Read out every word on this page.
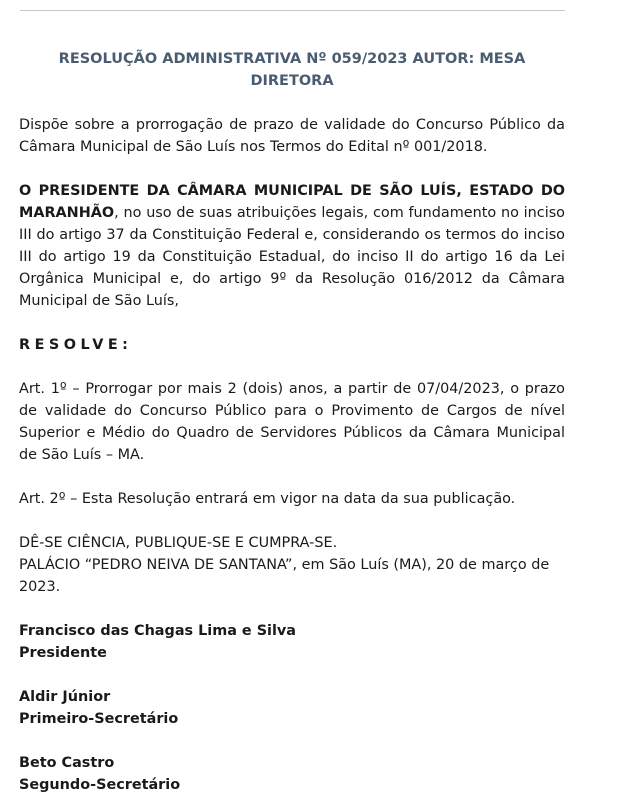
RESOLUÇÃO ADMINISTRATIVA Nº 059/2023 AUTOR: MESA DIRETORA

Dispõe sobre a prorrogação de prazo de validade do Concurso Público da Câmara Municipal de São Luís nos Termos do Edital nº 001/2018.

O PRESIDENTE DA CÂMARA MUNICIPAL DE SÃO LUÍS, ESTADO DO MARANHÃO, no uso de suas atribuições legais, com fundamento no inciso III do artigo 37 da Constituição Federal e, considerando os termos do inciso III do artigo 19 da Constituição Estadual, do inciso II do artigo 16 da Lei Orgânica Municipal e, do artigo 9º da Resolução 016/2012 da Câmara Municipal de São Luís,

RESOLVE:

Art. 1º – Prorrogar por mais 2 (dois) anos, a partir de 07/04/2023, o prazo de validade do Concurso Público para o Provimento de Cargos de nível Superior e Médio do Quadro de Servidores Públicos da Câmara Municipal de São Luís – MA.

Art. 2º – Esta Resolução entrará em vigor na data da sua publicação.

DÊ-SE CIÊNCIA, PUBLIQUE-SE E CUMPRA-SE.
PALÁCIO “PEDRO NEIVA DE SANTANA”, em São Luís (MA), 20 de março de 2023.

Francisco das Chagas Lima e Silva
Presidente
Aldir Júnior
Primeiro-Secretário
Beto Castro
Segundo-Secretário
